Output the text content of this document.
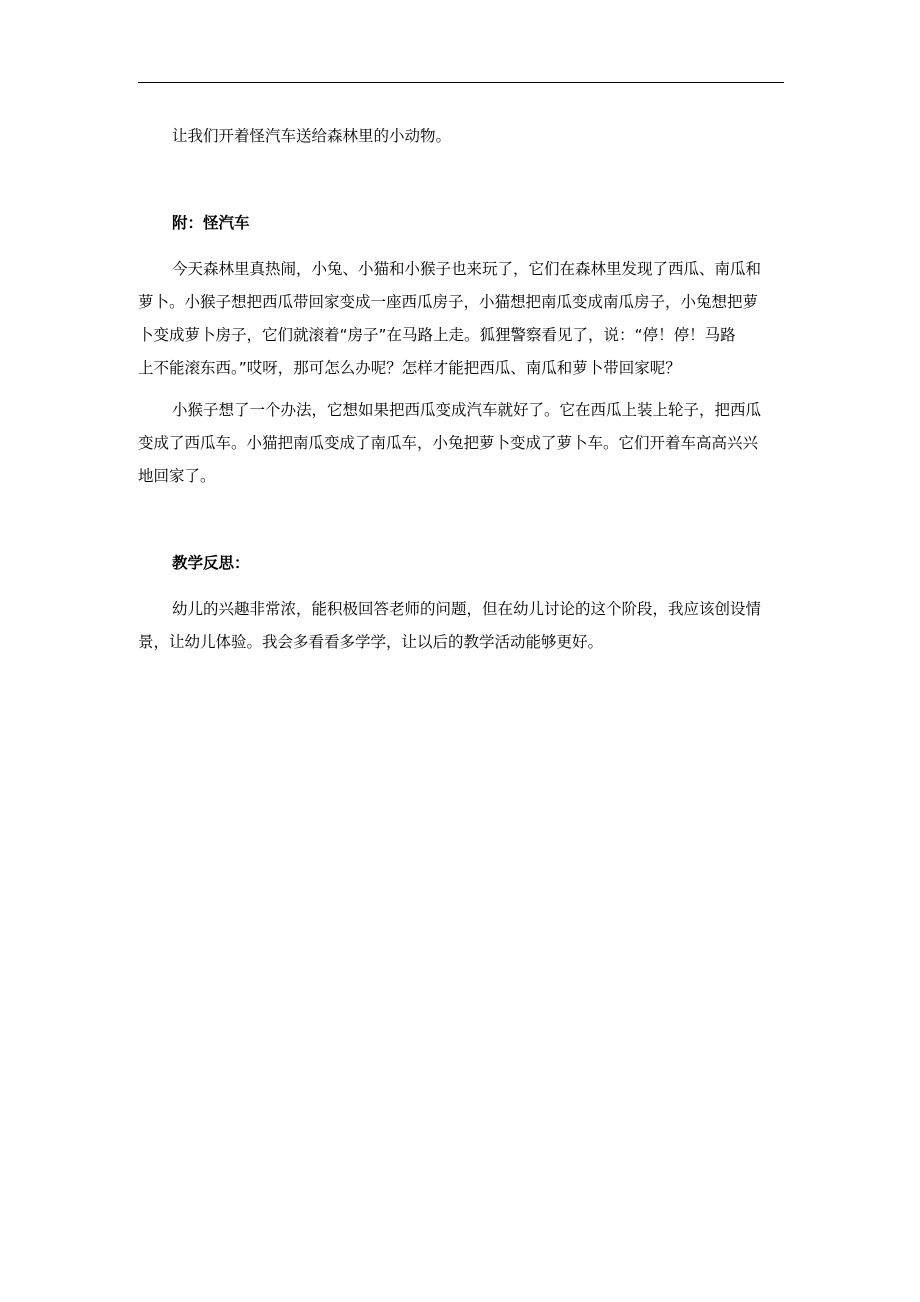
让我们开着怪汽车送给森林里的小动物。
附：怪汽车
今天森林里真热闹，小兔、小猫和小猴子也来玩了，它们在森林里发现了西瓜、南瓜和
萝卜。小猴子想把西瓜带回家变成一座西瓜房子，小猫想把南瓜变成南瓜房子，小兔想把萝
卜变成萝卜房子，它们就滚着“房子”在马路上走。狐狸警察看见了，说：“停！停！马路
上不能滚东西。”哎呀，那可怎么办呢？怎样才能把西瓜、南瓜和萝卜带回家呢？
小猴子想了一个办法，它想如果把西瓜变成汽车就好了。它在西瓜上装上轮子，把西瓜
变成了西瓜车。小猫把南瓜变成了南瓜车，小兔把萝卜变成了萝卜车。它们开着车高高兴兴
地回家了。
教学反思：
幼儿的兴趣非常浓，能积极回答老师的问题，但在幼儿讨论的这个阶段，我应该创设情
景，让幼儿体验。我会多看看多学学，让以后的教学活动能够更好。
